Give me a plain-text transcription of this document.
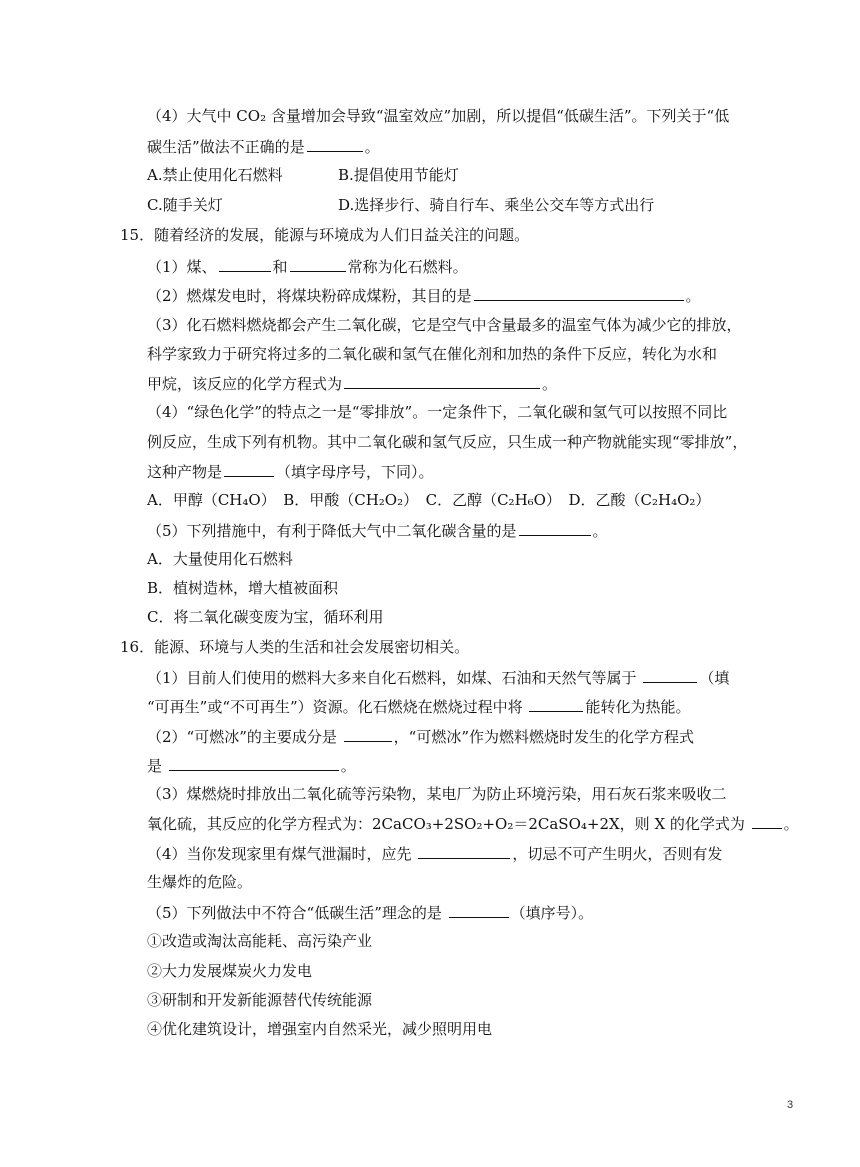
（4）大气中 CO₂ 含量增加会导致“温室效应”加剧，所以提倡“低碳生活”。下列关于“低
碳生活”做法不正确的是	。
A.禁止使用化石燃料	B.提倡使用节能灯
C.随手关灯	D.选择步行、骑自行车、乘坐公交车等方式出行
15．随着经济的发展，能源与环境成为人们日益关注的问题。
（1）煤、	和	常称为化石燃料。
（2）燃煤发电时，将煤块粉碎成煤粉，其目的是	。
（3）化石燃料燃烧都会产生二氧化碳，它是空气中含量最多的温室气体为减少它的排放，
科学家致力于研究将过多的二氧化碳和氢气在催化剂和加热的条件下反应，转化为水和
甲烷，该反应的化学方程式为	。
（4）“绿色化学”的特点之一是“零排放”。一定条件下，二氧化碳和氢气可以按照不同比
例反应，生成下列有机物。其中二氧化碳和氢气反应，只生成一种产物就能实现“零排放”，
这种产物是	（填字母序号，下同）。
A．甲醇（CH₄O）　B．甲酸（CH₂O₂）　C．乙醇（C₂H₆O）　D．乙酸（C₂H₄O₂）
（5）下列措施中，有利于降低大气中二氧化碳含量的是	。
A．大量使用化石燃料
B．植树造林，增大植被面积
C．将二氧化碳变废为宝，循环利用
16．能源、环境与人类的生活和社会发展密切相关。
（1）目前人们使用的燃料大多来自化石燃料，如煤、石油和天然气等属于	（填
“可再生”或“不可再生”）资源。化石燃烧在燃烧过程中将	能转化为热能。
（2）“可燃冰”的主要成分是	，“可燃冰”作为燃料燃烧时发生的化学方程式
是	。
（3）煤燃烧时排放出二氧化硫等污染物，某电厂为防止环境污染，用石灰石浆来吸收二
氧化硫，其反应的化学方程式为：2CaCO₃+2SO₂+O₂＝2CaSO₄+2X，则 X 的化学式为 。
（4）当你发现家里有煤气泄漏时，应先	，切忌不可产生明火，否则有发
生爆炸的危险。
（5）下列做法中不符合“低碳生活”理念的是	（填序号）。
①改造或淘汰高能耗、高污染产业
②大力发展煤炭火力发电
③研制和开发新能源替代传统能源
④优化建筑设计，增强室内自然采光，减少照明用电
3
